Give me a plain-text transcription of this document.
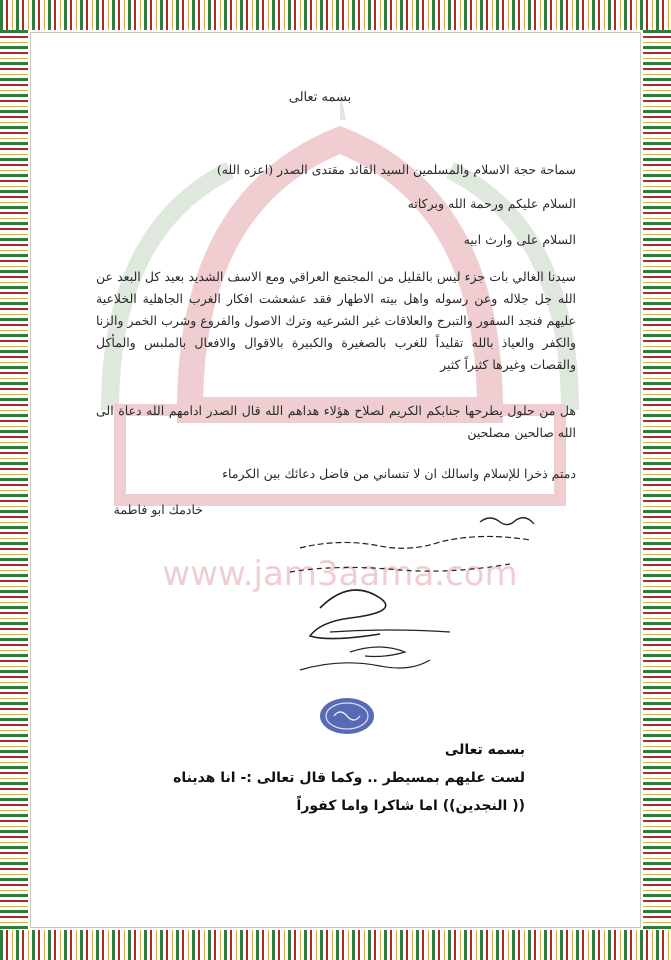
www.jam3aama.com
بسمه تعالى
سماحة حجة الاسلام والمسلمين السيد القائد مقتدى الصدر (اعزه الله)
السلام عليكم ورحمة الله وبركاته
السلام على وارث ابيه
سيدنا الغالي بات جزء ليس بالقليل من المجتمع العراقي ومع الاسف الشديد بعيد كل البعد عن الله جل جلاله وعن رسوله واهل بيته الاطهار فقد عشعشت افكار الغرب الجاهلية الخلاعية عليهم فنجد السفور والتبرج والعلاقات غير الشرعيه وترك الاصول والفروع وشرب الخمر والزنا والكفر والعياذ بالله تقليداً للغرب بالصغيرة والكبيرة بالاقوال والافعال بالملبس والمأكل والقصات وغيرها كثيراً كثير
هل من حلول يطرحها جنابكم الكريم لصلاح هؤلاء هداهم الله قال الصدر ادامهم الله دعاة الى الله صالحين مصلحين
دمتم ذخرا للإسلام واسالك ان لا تنساني من فاضل دعائك بين الكرماء
خادمك ابو فاطمة
بسمه تعالى
لست عليهم بمسيطر .. وكما قال تعالى :- انا هديناه
(( النجدين)) اما شاكرا واما كفوراً
